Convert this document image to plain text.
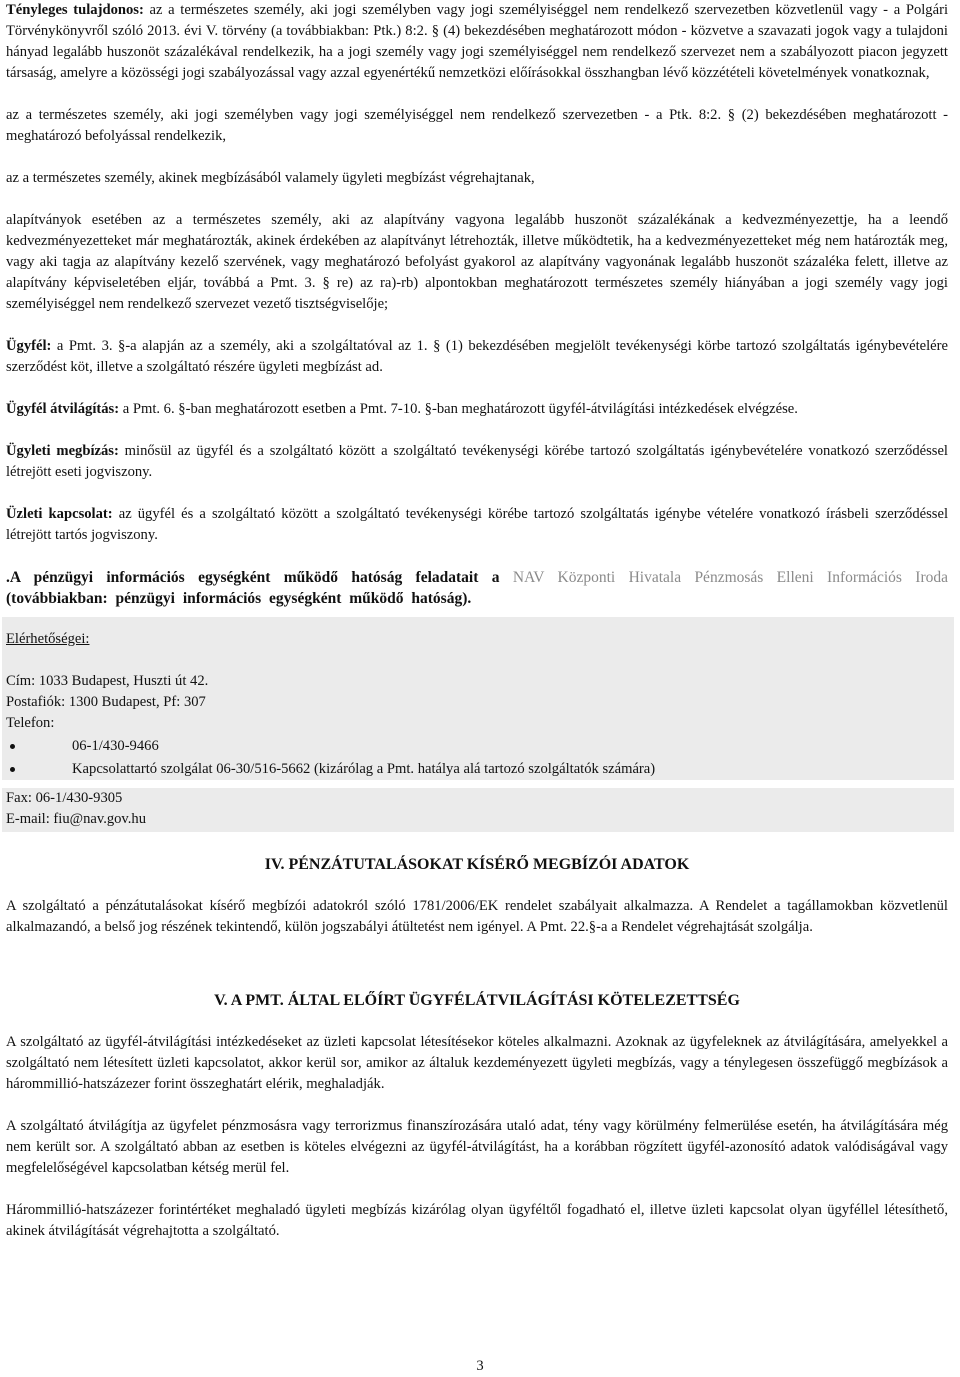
Tényleges tulajdonos: az a természetes személy, aki jogi személyben vagy jogi személyiséggel nem rendelkező szervezetben közvetlenül vagy - a Polgári Törvénykönyvről szóló 2013. évi V. törvény (a továbbiakban: Ptk.) 8:2. § (4) bekezdésében meghatározott módon - közvetve a szavazati jogok vagy a tulajdoni hányad legalább huszonöt százalékával rendelkezik, ha a jogi személy vagy jogi személyiséggel nem rendelkező szervezet nem a szabályozott piacon jegyzett társaság, amelyre a közösségi jogi szabályozással vagy azzal egyenértékű nemzetközi előírásokkal összhangban lévő közzétételi követelmények vonatkoznak,

az a természetes személy, aki jogi személyben vagy jogi személyiséggel nem rendelkező szervezetben - a Ptk. 8:2. § (2) bekezdésében meghatározott - meghatározó befolyással rendelkezik,

az a természetes személy, akinek megbízásából valamely ügyleti megbízást végrehajtanak,

alapítványok esetében az a természetes személy, aki az alapítvány vagyona legalább huszonöt százalékának a kedvezményezettje, ha a leendő kedvezményezetteket már meghatározták, akinek érdekében az alapítványt létrehozták, illetve működtetik, ha a kedvezményezetteket még nem határozták meg, vagy aki tagja az alapítvány kezelő szervének, vagy meghatározó befolyást gyakorol az alapítvány vagyonának legalább huszonöt százaléka felett, illetve az alapítvány képviseletében eljár, továbbá a Pmt. 3. § re) az ra)-rb) alpontokban meghatározott természetes személy hiányában a jogi személy vagy jogi személyiséggel nem rendelkező szervezet vezető tisztségviselője;

Ügyfél: a Pmt. 3. §-a alapján az a személy, aki a szolgáltatóval az 1. § (1) bekezdésében megjelölt tevékenységi körbe tartozó szolgáltatás igénybevételére szerződést köt, illetve a szolgáltató részére ügyleti megbízást ad.

Ügyfél átvilágítás: a Pmt. 6. §-ban meghatározott esetben a Pmt. 7-10. §-ban meghatározott ügyfél-átvilágítási intézkedések elvégzése.

Ügyleti megbízás: minősül az ügyfél és a szolgáltató között a szolgáltató tevékenységi körébe tartozó szolgáltatás igénybevételére vonatkozó szerződéssel létrejött eseti jogviszony.

Üzleti kapcsolat: az ügyfél és a szolgáltató között a szolgáltató tevékenységi körébe tartozó szolgáltatás igénybe vételére vonatkozó írásbeli szerződéssel létrejött tartós jogviszony.

.A pénzügyi információs egységként működő hatóság feladatait a NAV Központi Hivatala Pénzmosás Elleni Információs Iroda (továbbiakban: pénzügyi információs egységként működő hatóság).

Elérhetőségei:
Cím: 1033 Budapest, Huszti út 42.
Postafiók: 1300 Budapest, Pf: 307
Telefon:
06-1/430-9466
Kapcsolattartó szolgálat 06-30/516-5662 (kizárólag a Pmt. hatálya alá tartozó szolgáltatók számára)
Fax: 06-1/430-9305
E-mail: fiu@nav.gov.hu
IV. PÉNZÁTUTALÁSOKAT KÍSÉRŐ MEGBÍZÓI ADATOK

A szolgáltató a pénzátutalásokat kísérő megbízói adatokról szóló 1781/2006/EK rendelet szabályait alkalmazza. A Rendelet a tagállamokban közvetlenül alkalmazandó, a belső jog részének tekintendő, külön jogszabályi átültetést nem igényel. A Pmt. 22.§-a a Rendelet végrehajtását szolgálja.

V. A PMT. ÁLTAL ELŐÍRT ÜGYFÉLÁTVILÁGÍTÁSI KÖTELEZETTSÉG

A szolgáltató az ügyfél-átvilágítási intézkedéseket az üzleti kapcsolat létesítésekor köteles alkalmazni. Azoknak az ügyfeleknek az átvilágítására, amelyekkel a szolgáltató nem létesített üzleti kapcsolatot, akkor kerül sor, amikor az általuk kezdeményezett ügyleti megbízás, vagy a ténylegesen összefüggő megbízások a hárommillió-hatszázezer forint összeghatárt elérik, meghaladják.

A szolgáltató átvilágítja az ügyfelet pénzmosásra vagy terrorizmus finanszírozására utaló adat, tény vagy körülmény felmerülése esetén, ha átvilágítására még nem került sor. A szolgáltató abban az esetben is köteles elvégezni az ügyfél-átvilágítást, ha a korábban rögzített ügyfél-azonosító adatok valódiságával vagy megfelelőségével kapcsolatban kétség merül fel.

Hárommillió-hatszázezer forintértéket meghaladó ügyleti megbízás kizárólag olyan ügyféltől fogadható el, illetve üzleti kapcsolat olyan ügyféllel létesíthető, akinek átvilágítását végrehajtotta a szolgáltató.

3
